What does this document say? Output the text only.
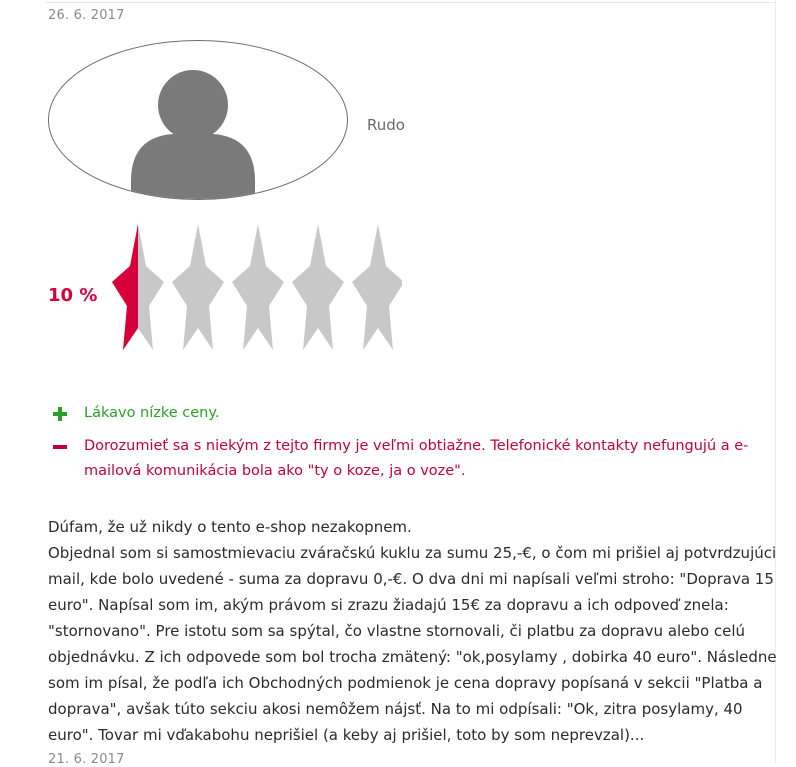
26. 6. 2017
Rudo
10 %
Lákavo nízke ceny.
Dorozumieť sa s niekým z tejto firmy je veľmi obtiažne. Telefonické kontakty nefungujú a e-mailová komunikácia bola ako "ty o koze, ja o voze".
Dúfam, že už nikdy o tento e-shop nezakopnem.
Objednal som si samostmievaciu zváračskú kuklu za sumu 25,-€, o čom mi prišiel aj potvrdzujúci mail, kde bolo uvedené - suma za dopravu 0,-€. O dva dni mi napísali veľmi stroho: "Doprava 15 euro". Napísal som im, akým právom si zrazu žiadajú 15€ za dopravu a ich odpoveď znela: "stornovano". Pre istotu som sa spýtal, čo vlastne stornovali, či platbu za dopravu alebo celú objednávku. Z ich odpovede som bol trocha zmätený: "ok,posylamy , dobirka 40 euro". Následne som im písal, že podľa ich Obchodných podmienok je cena dopravy popísaná v sekcii "Platba a doprava", avšak túto sekciu akosi nemôžem nájsť. Na to mi odpísali: "Ok, zitra posylamy, 40 euro". Tovar mi vďakabohu neprišiel (a keby aj prišiel, toto by som neprevzal)...
21. 6. 2017
